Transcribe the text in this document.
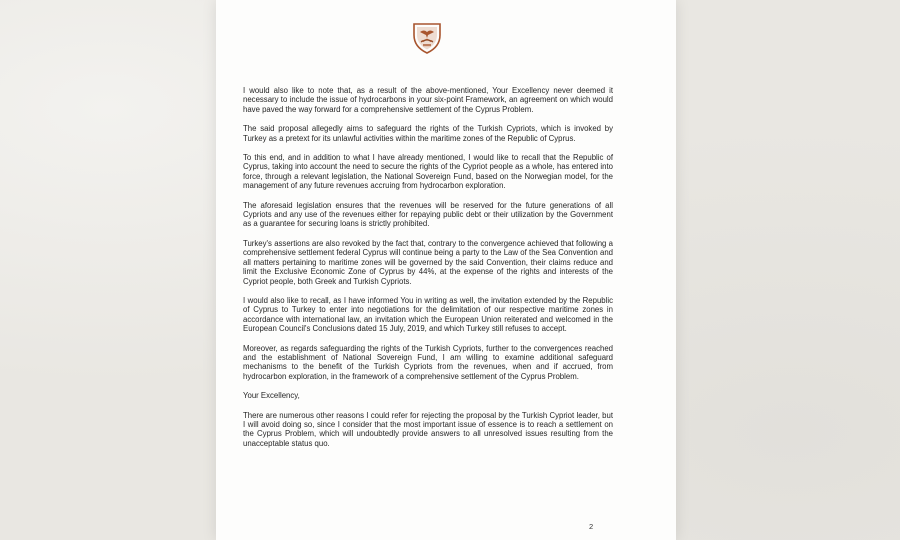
I would also like to note that, as a result of the above-mentioned, Your Excellency never deemed it necessary to include the issue of hydrocarbons in your six-point Framework, an agreement on which would have paved the way forward for a comprehensive settlement of the Cyprus Problem.

The said proposal allegedly aims to safeguard the rights of the Turkish Cypriots, which is invoked by Turkey as a pretext for its unlawful activities within the maritime zones of the Republic of Cyprus.

To this end, and in addition to what I have already mentioned, I would like to recall that the Republic of Cyprus, taking into account the need to secure the rights of the Cypriot people as a whole, has entered into force, through a relevant legislation, the National Sovereign Fund, based on the Norwegian model, for the management of any future revenues accruing from hydrocarbon exploration.

The aforesaid legislation ensures that the revenues will be reserved for the future generations of all Cypriots and any use of the revenues either for repaying public debt or their utilization by the Government as a guarantee for securing loans is strictly prohibited.

Turkey's assertions are also revoked by the fact that, contrary to the convergence achieved that following a comprehensive settlement federal Cyprus will continue being a party to the Law of the Sea Convention and all matters pertaining to maritime zones will be governed by the said Convention, their claims reduce and limit the Exclusive Economic Zone of Cyprus by 44%, at the expense of the rights and interests of the Cypriot people, both Greek and Turkish Cypriots.

I would also like to recall, as I have informed You in writing as well, the invitation extended by the Republic of Cyprus to Turkey to enter into negotiations for the delimitation of our respective maritime zones in accordance with international law, an invitation which the European Union reiterated and welcomed in the European Council's Conclusions dated 15 July, 2019, and which Turkey still refuses to accept.

Moreover, as regards safeguarding the rights of the Turkish Cypriots, further to the convergences reached and the establishment of National Sovereign Fund, I am willing to examine additional safeguard mechanisms to the benefit of the Turkish Cypriots from the revenues, when and if accrued, from hydrocarbon exploration, in the framework of a comprehensive settlement of the Cyprus Problem.

Your Excellency,

There are numerous other reasons I could refer for rejecting the proposal by the Turkish Cypriot leader, but I will avoid doing so, since I consider that the most important issue of essence is to reach a settlement on the Cyprus Problem, which will undoubtedly provide answers to all unresolved issues resulting from the unacceptable status quo.

2
